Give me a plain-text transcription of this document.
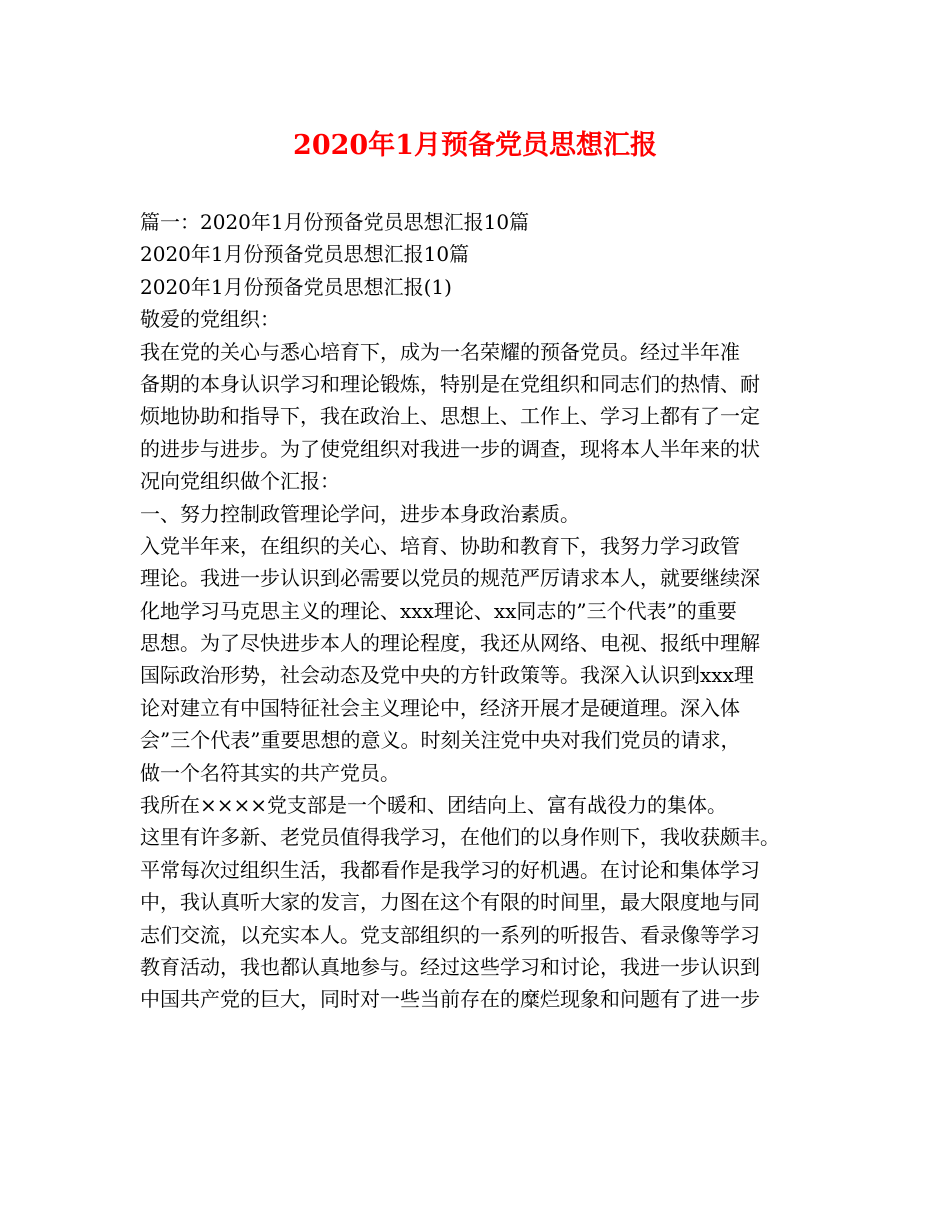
2020年1月预备党员思想汇报

篇一：2020年1月份预备党员思想汇报10篇

2020年1月份预备党员思想汇报10篇

2020年1月份预备党员思想汇报(1)

敬爱的党组织：

我在党的关心与悉心培育下，成为一名荣耀的预备党员。经过半年准

备期的本身认识学习和理论锻炼，特别是在党组织和同志们的热情、耐

烦地协助和指导下，我在政治上、思想上、工作上、学习上都有了一定

的进步与进步。为了使党组织对我进一步的调查，现将本人半年来的状

况向党组织做个汇报：

一、努力控制政管理论学问，进步本身政治素质。

入党半年来，在组织的关心、培育、协助和教育下，我努力学习政管

理论。我进一步认识到必需要以党员的规范严厉请求本人，就要继续深

化地学习马克思主义的理论、xxx理论、xx同志的”三个代表”的重要

思想。为了尽快进步本人的理论程度，我还从网络、电视、报纸中理解

国际政治形势，社会动态及党中央的方针政策等。我深入认识到xxx理

论对建立有中国特征社会主义理论中，经济开展才是硬道理。深入体

会”三个代表”重要思想的意义。时刻关注党中央对我们党员的请求，

做一个名符其实的共产党员。

我所在××××党支部是一个暖和、团结向上、富有战役力的集体。

这里有许多新、老党员值得我学习，在他们的以身作则下，我收获颇丰。

平常每次过组织生活，我都看作是我学习的好机遇。在讨论和集体学习

中，我认真听大家的发言，力图在这个有限的时间里，最大限度地与同

志们交流，以充实本人。党支部组织的一系列的听报告、看录像等学习

教育活动，我也都认真地参与。经过这些学习和讨论，我进一步认识到

中国共产党的巨大，同时对一些当前存在的糜烂现象和问题有了进一步
